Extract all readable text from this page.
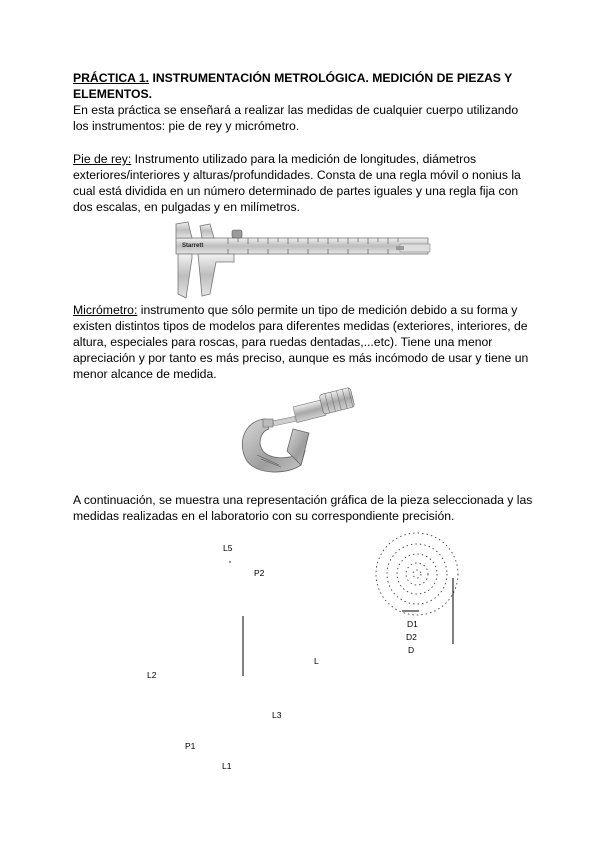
PRÁCTICA 1. INSTRUMENTACIÓN METROLÓGICA. MEDICIÓN DE PIEZAS Y ELEMENTOS.
En esta práctica se enseñará a realizar las medidas de cualquier cuerpo utilizando los instrumentos: pie de rey y micrómetro.
Pie de rey: Instrumento utilizado para la medición de longitudes, diámetros exteriores/interiores y alturas/profundidades. Consta de una regla móvil o nonius la cual está dividida en un número determinado de partes iguales y una regla fija con dos escalas, en pulgadas y en milímetros.
Starrett
Micrómetro: instrumento que sólo permite un tipo de medición debido a su forma y existen distintos tipos de modelos para diferentes medidas (exteriores, interiores, de altura, especiales para roscas, para ruedas dentadas,...etc). Tiene una menor apreciación y por tanto es más preciso, aunque es más incómodo de usar y tiene un menor alcance de medida.
A continuación, se muestra una representación gráfica de la pieza seleccionada y las medidas realizadas en el laboratorio con su correspondiente precisión.
L5
P2
L
L2
L3
P1
L1
D1
D2
D
